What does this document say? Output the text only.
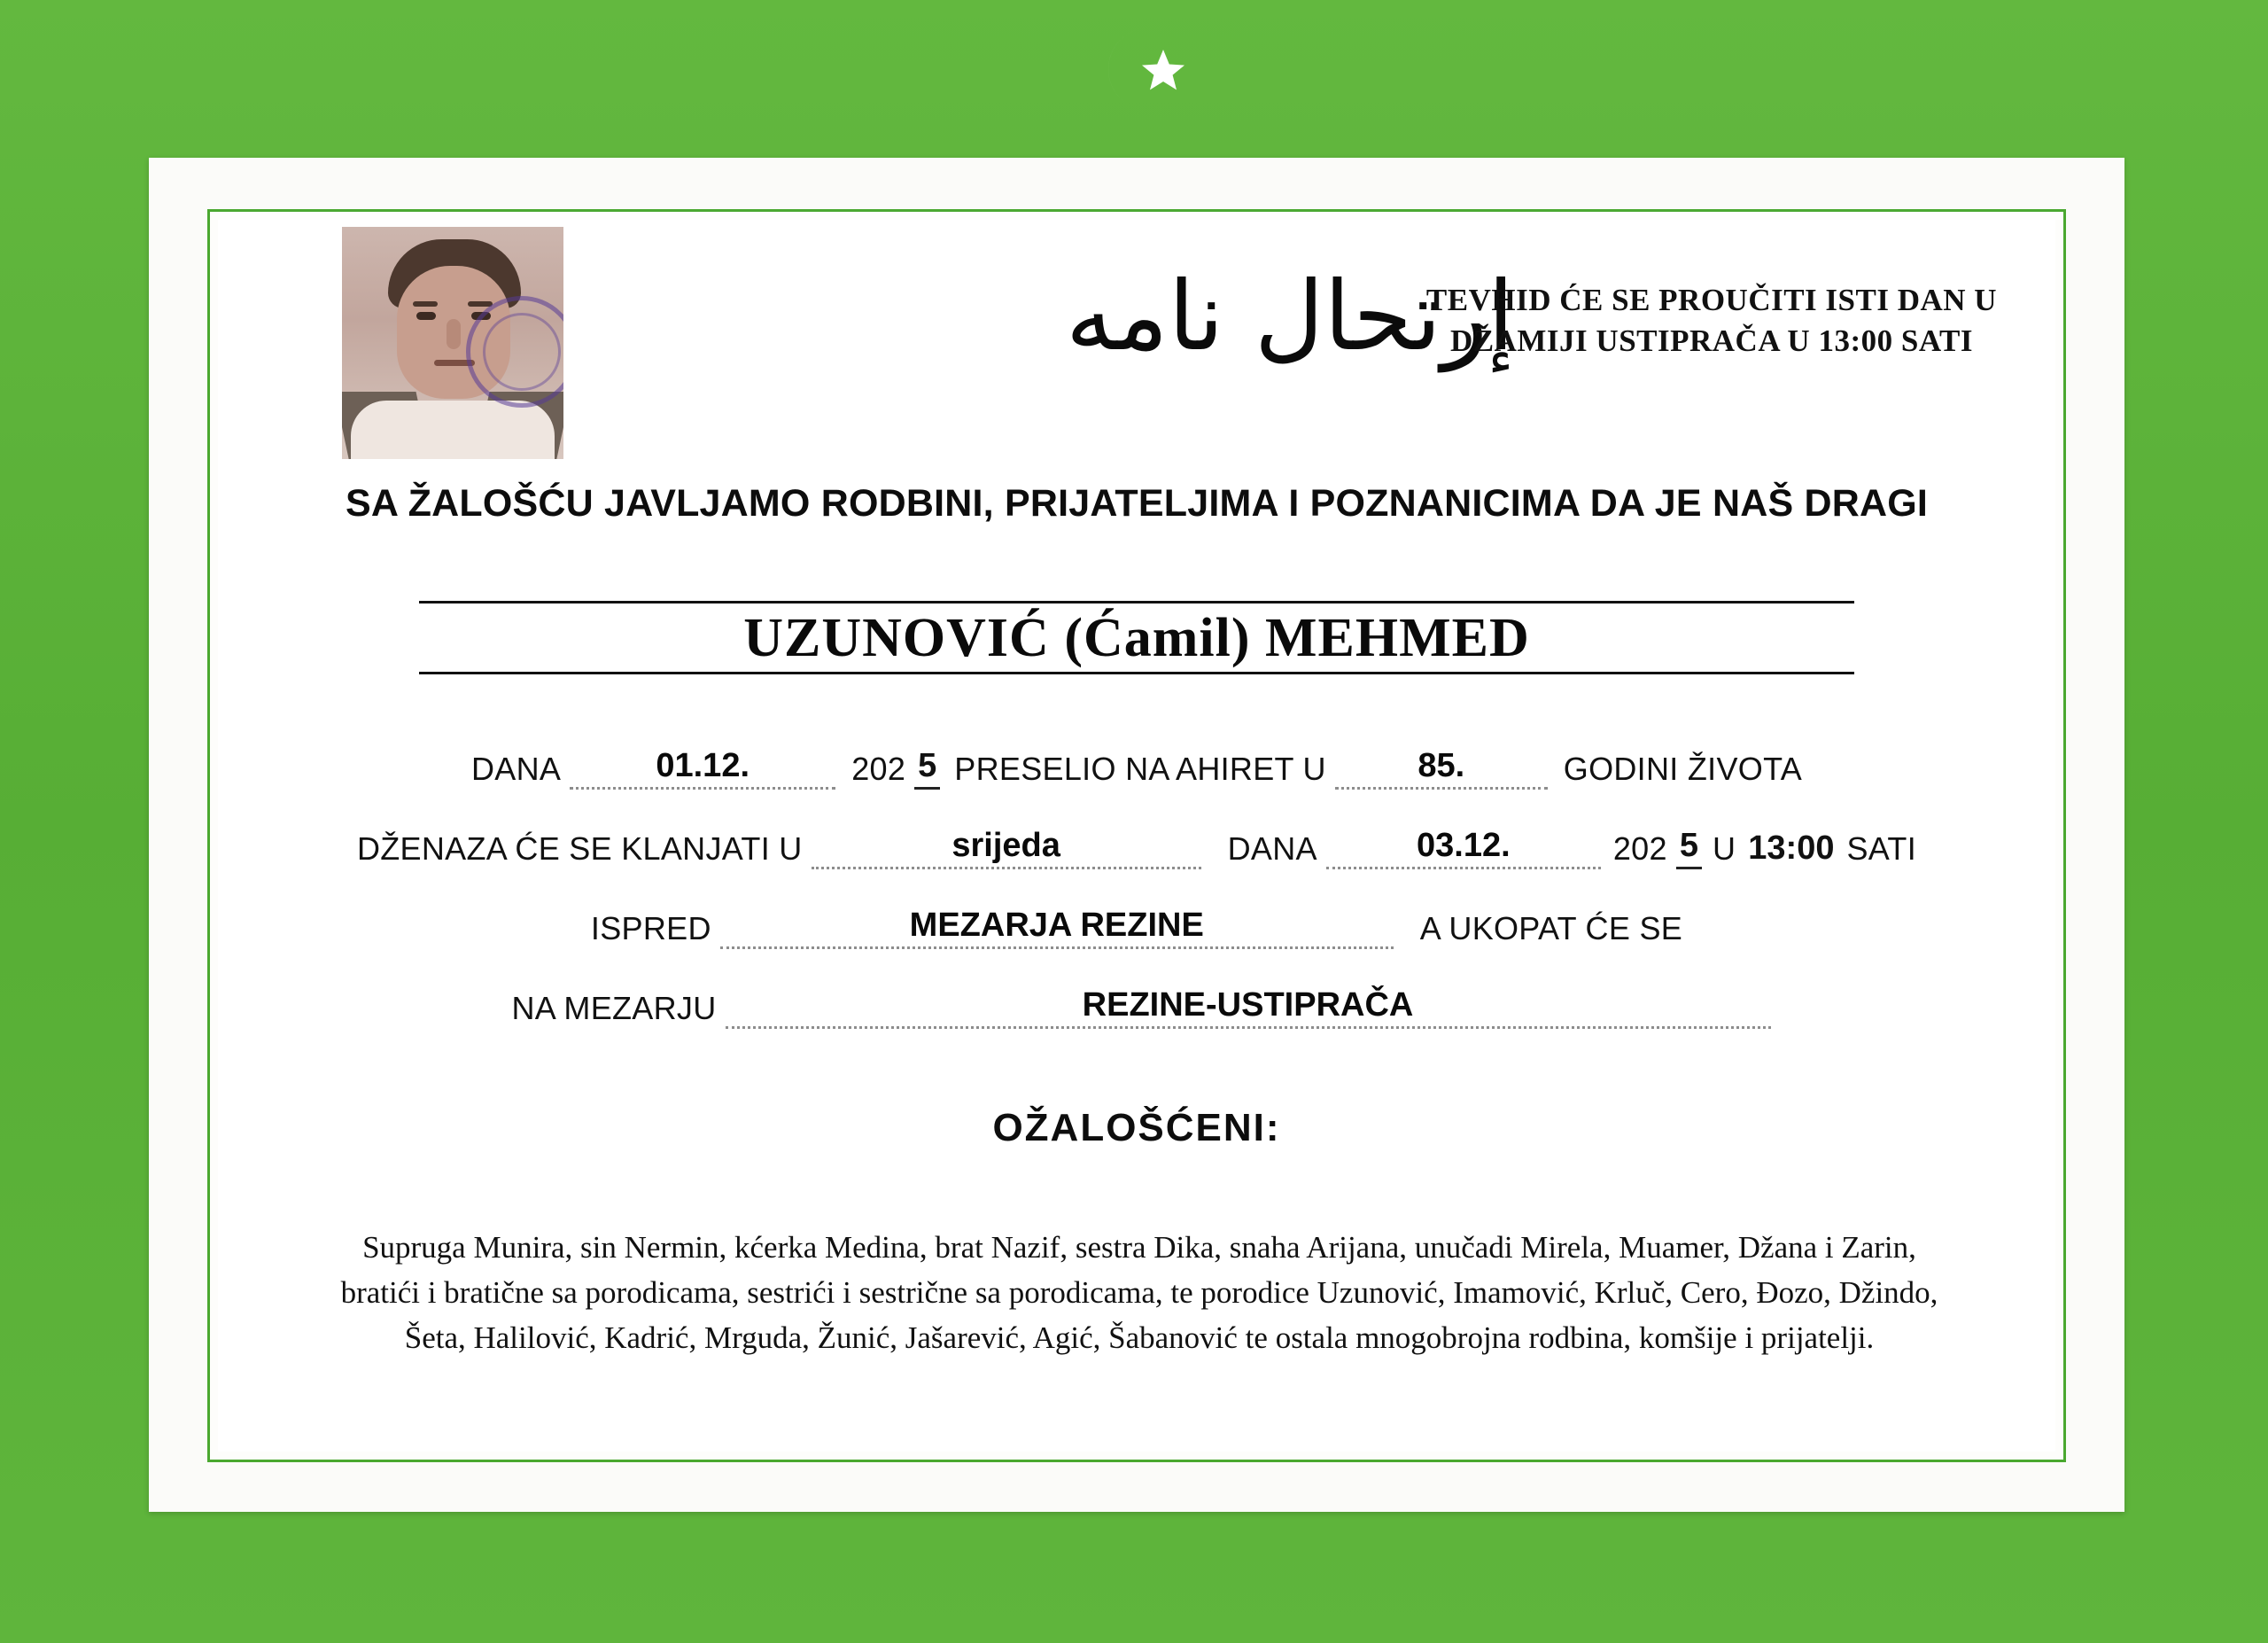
إرتحال نامه
TEVHID ĆE SE PROUČITI ISTI DAN U DŽAMIJI USTIPRAČA U 13:00 SATI
SA ŽALOŠĆU JAVLJAMO RODBINI, PRIJATELJIMA I POZNANICIMA DA JE NAŠ DRAGI
UZUNOVIĆ (Ćamil) MEHMED
DANA	01.12.	202 5 PRESELIO NA AHIRET U	85.	GODINI ŽIVOTA
DŽENAZA ĆE SE KLANJATI U	srijeda	DANA	03.12.	202 5 U 13:00 SATI
ISPRED	MEZARJA REZINE	A UKOPAT ĆE SE
NA MEZARJU	REZINE-USTIPRAČA
OŽALOŠĆENI:
Supruga Munira, sin Nermin, kćerka Medina, brat Nazif, sestra Dika, snaha Arijana, unučadi Mirela, Muamer, Džana i Zarin, bratići i bratične sa porodicama, sestrići i sestrične sa porodicama, te porodice Uzunović, Imamović, Krluč, Cero, Đozo, Džindo, Šeta, Halilović, Kadrić, Mrguda, Žunić, Jašarević, Agić, Šabanović te ostala mnogobrojna rodbina, komšije i prijatelji.
